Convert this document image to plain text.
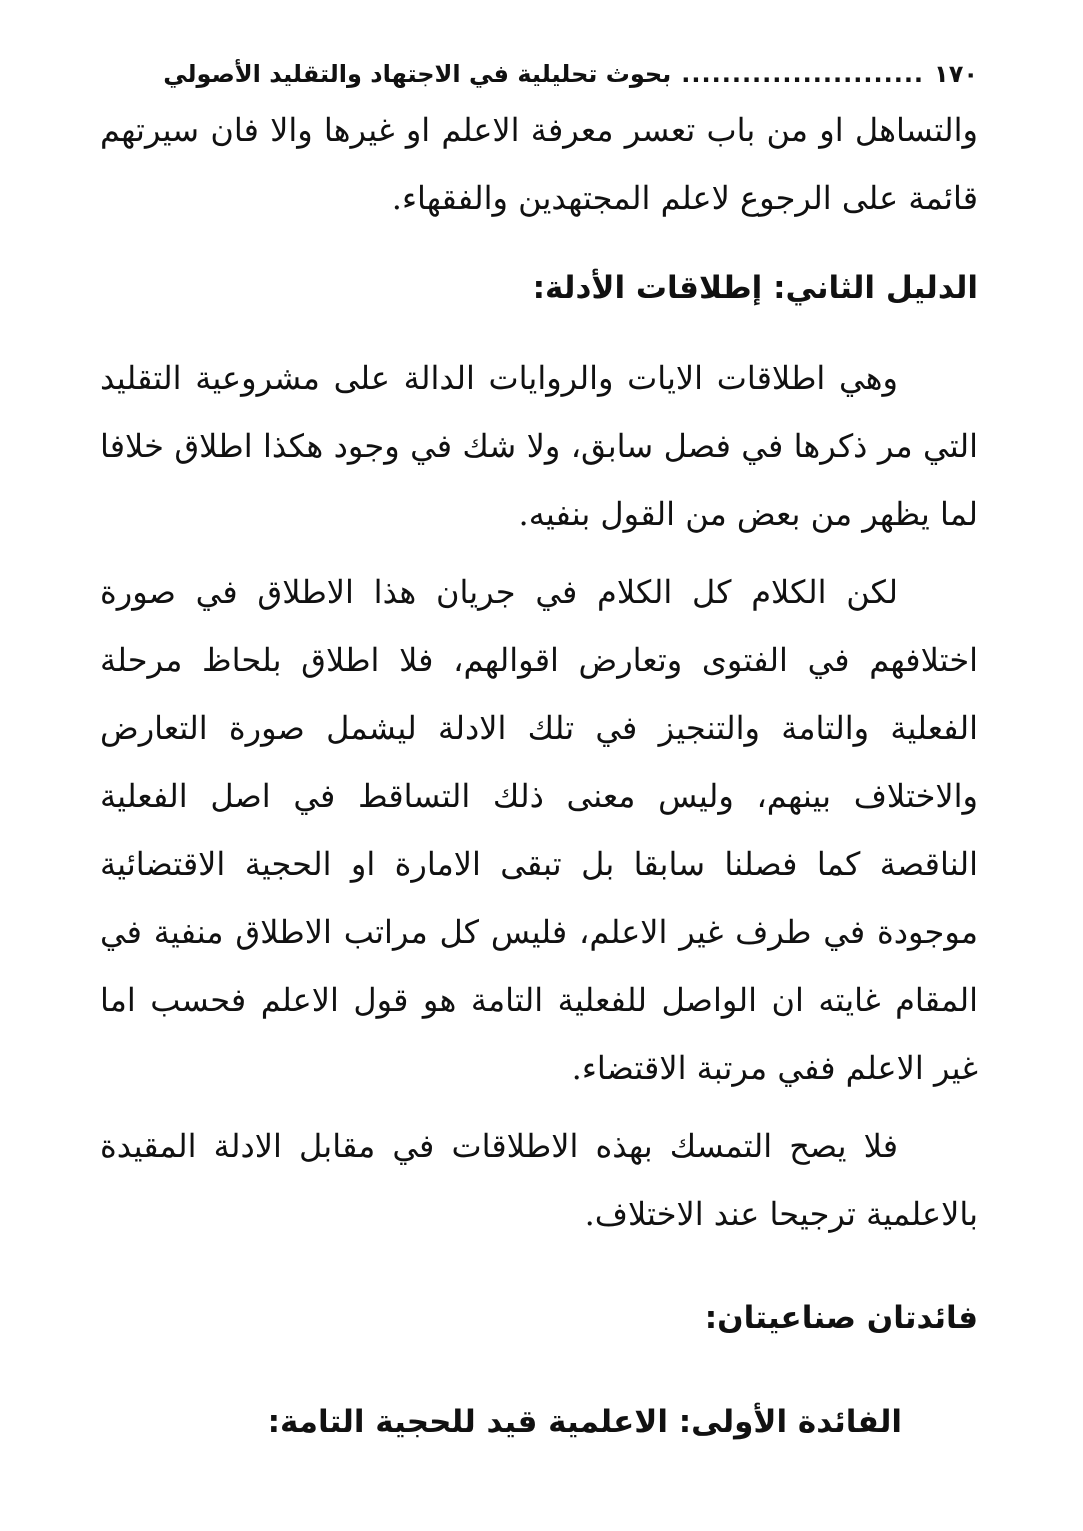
١٧٠
........................
بحوث تحليلية في الاجتهاد والتقليد الأصولي

والتساهل او من باب تعسر معرفة الاعلم او غيرها والا فان سيرتهم قائمة على الرجوع لاعلم المجتهدين والفقهاء.

الدليل الثاني: إطلاقات الأدلة:

وهي اطلاقات الايات والروايات الدالة على مشروعية التقليد التي مر ذكرها في فصل سابق، ولا شك في وجود هكذا اطلاق خلافا لما يظهر من بعض من القول بنفيه.

لكن الكلام كل الكلام في جريان هذا الاطلاق في صورة اختلافهم في الفتوى وتعارض اقوالهم، فلا اطلاق بلحاظ مرحلة الفعلية والتامة والتنجيز في تلك الادلة ليشمل صورة التعارض والاختلاف بينهم، وليس معنى ذلك التساقط في اصل الفعلية الناقصة كما فصلنا سابقا بل تبقى الامارة او الحجية الاقتضائية موجودة في طرف غير الاعلم، فليس كل مراتب الاطلاق منفية في المقام غايته ان الواصل للفعلية التامة هو قول الاعلم فحسب اما غير الاعلم ففي مرتبة الاقتضاء.

فلا يصح التمسك بهذه الاطلاقات في مقابل الادلة المقيدة بالاعلمية ترجيحا عند الاختلاف.

فائدتان صناعيتان:
الفائدة الأولى: الاعلمية قيد للحجية التامة:
